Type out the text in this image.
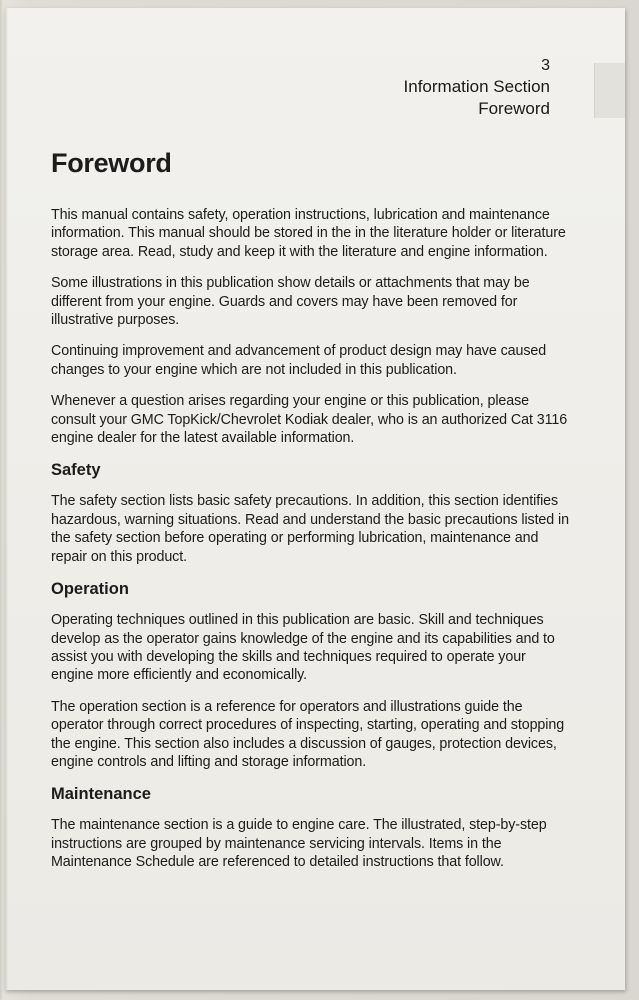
3
Information Section
Foreword
Foreword

This manual contains safety, operation instructions, lubrication and maintenance information. This manual should be stored in the in the literature holder or literature storage area. Read, study and keep it with the literature and engine information.

Some illustrations in this publication show details or attachments that may be different from your engine. Guards and covers may have been removed for illustrative purposes.

Continuing improvement and advancement of product design may have caused changes to your engine which are not included in this publication.

Whenever a question arises regarding your engine or this publication, please consult your GMC TopKick/Chevrolet Kodiak dealer, who is an authorized Cat 3116 engine dealer for the latest available information.

Safety

The safety section lists basic safety precautions. In addition, this section identifies hazardous, warning situations. Read and understand the basic precautions listed in the safety section before operating or performing lubrication, maintenance and repair on this product.

Operation

Operating techniques outlined in this publication are basic. Skill and techniques develop as the operator gains knowledge of the engine and its capabilities and to assist you with developing the skills and techniques required to operate your engine more efficiently and economically.

The operation section is a reference for operators and illustrations guide the operator through correct procedures of inspecting, starting, operating and stopping the engine. This section also includes a discussion of gauges, protection devices, engine controls and lifting and storage information.

Maintenance

The maintenance section is a guide to engine care. The illustrated, step-by-step instructions are grouped by maintenance servicing intervals. Items in the Maintenance Schedule are referenced to detailed instructions that follow.
